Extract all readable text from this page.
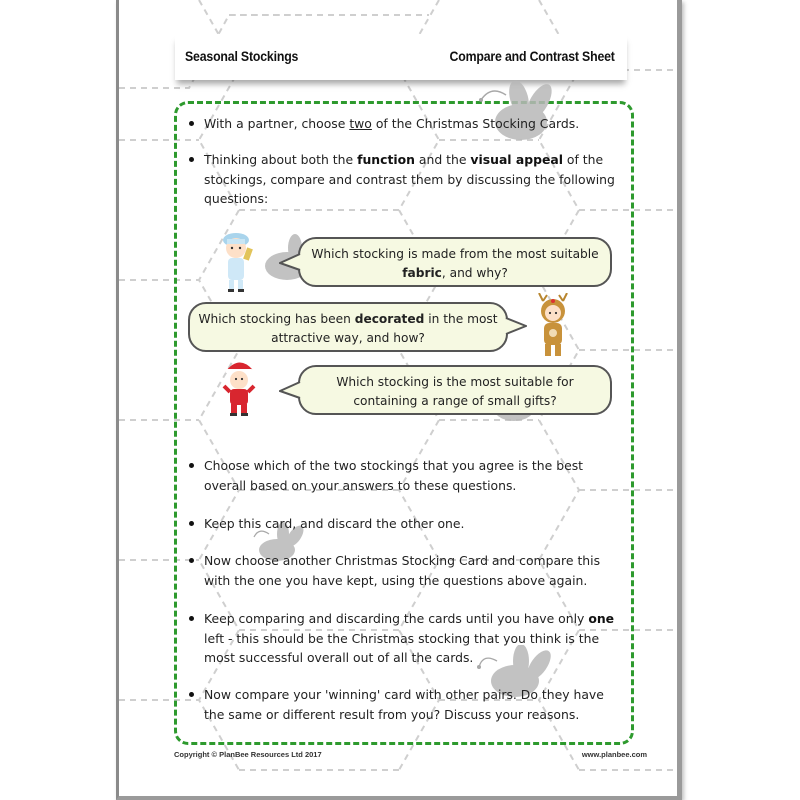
Seasonal Stockings	Compare and Contrast Sheet
With a partner, choose two of the Christmas Stocking Cards.
Thinking about both the function and the visual appeal of the stockings, compare and contrast them by discussing the following questions:
Which stocking is made from the most suitable
fabric, and why?
Which stocking has been decorated in the most
attractive way, and how?
Which stocking is the most suitable for
containing a range of small gifts?
Choose which of the two stockings that you agree is the best overall based on your answers to these questions.
Keep this card, and discard the other one.
Now choose another Christmas Stocking Card and compare this with the one you have kept, using the questions above again.
Keep comparing and discarding the cards until you have only one left - this should be the Christmas stocking that you think is the most successful overall out of all the cards.
Now compare your 'winning' card with other pairs. Do they have the same or different result from you? Discuss your reasons.
Copyright © PlanBee Resources Ltd 2017	www.planbee.com
